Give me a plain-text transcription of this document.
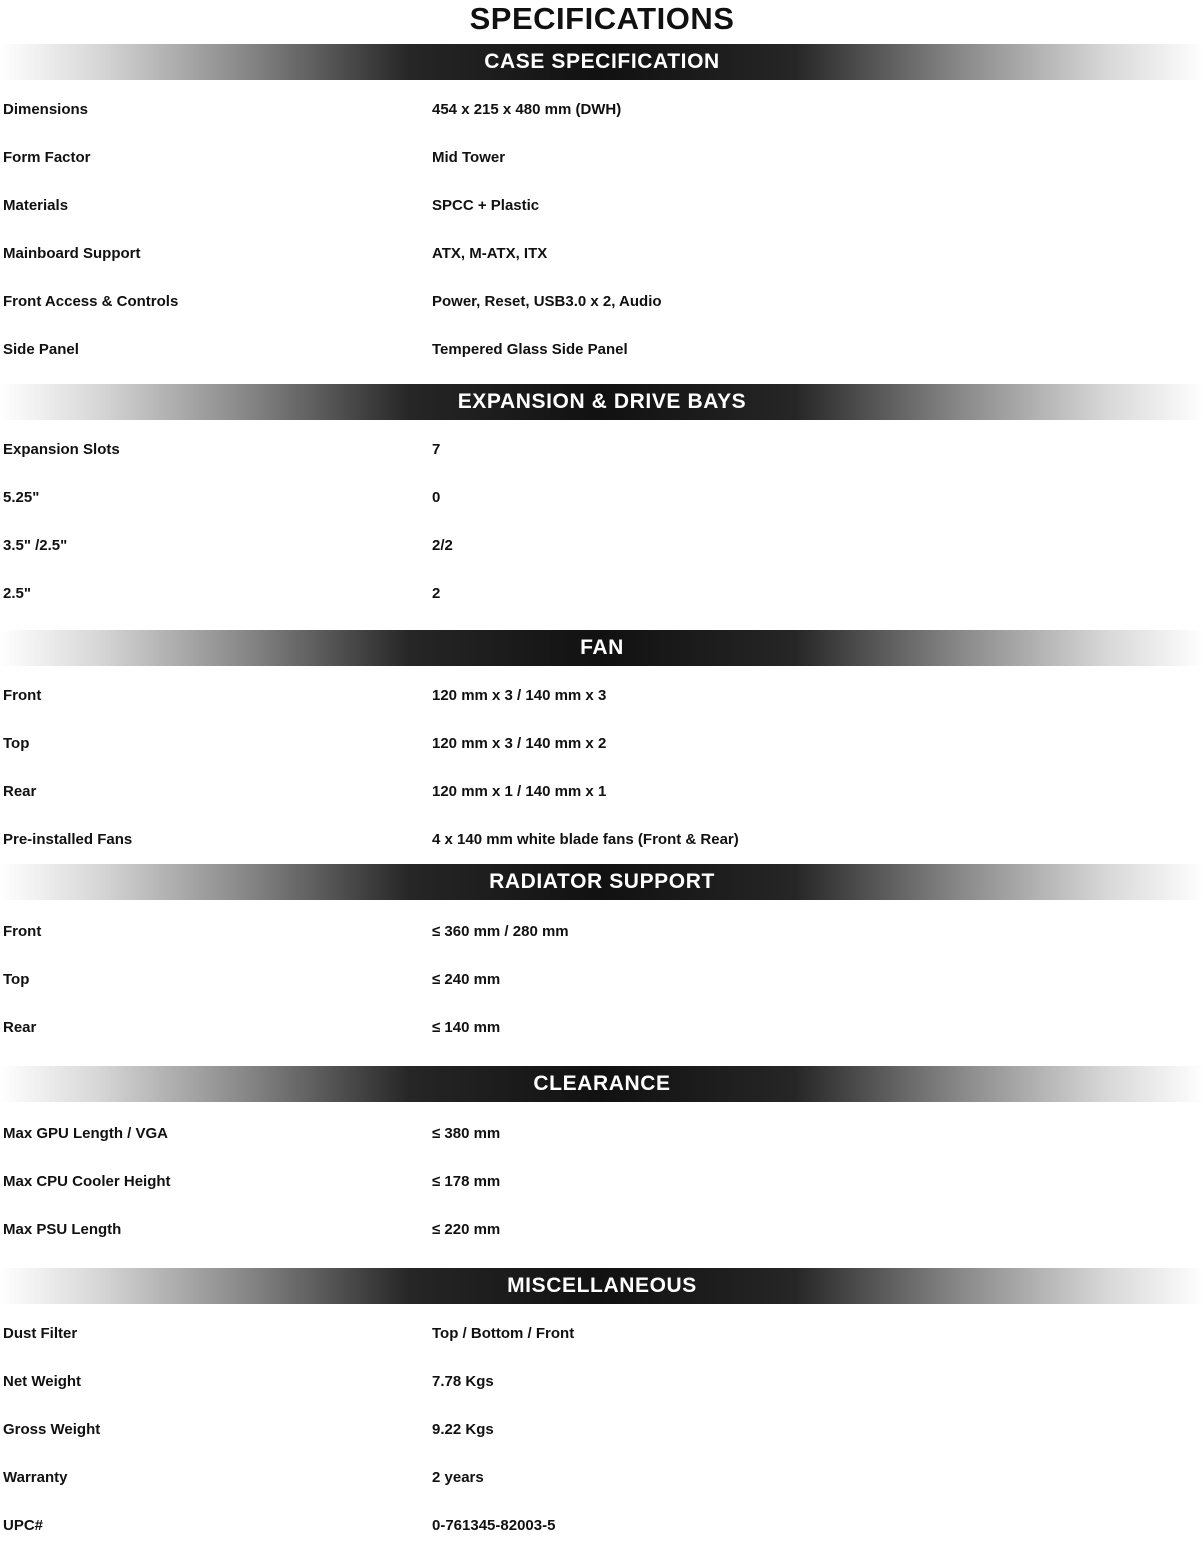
SPECIFICATIONS
CASE SPECIFICATION
Dimensions	454 x 215 x 480 mm (DWH)
Form Factor	Mid Tower
Materials	SPCC + Plastic
Mainboard Support	ATX, M-ATX, ITX
Front Access & Controls	Power, Reset, USB3.0 x 2, Audio
Side Panel	Tempered Glass Side Panel
EXPANSION & DRIVE BAYS
Expansion Slots	7
5.25"	0
3.5" /2.5"	2/2
2.5"	2
FAN
Front	120 mm x 3 / 140 mm x 3
Top	120 mm x 3 / 140 mm x 2
Rear	120 mm x 1 / 140 mm x 1
Pre-installed Fans	4 x 140 mm white blade fans (Front & Rear)
RADIATOR SUPPORT
Front	≤ 360 mm / 280 mm
Top	≤ 240 mm
Rear	≤ 140 mm
CLEARANCE
Max GPU Length / VGA	≤ 380 mm
Max CPU Cooler Height	≤ 178 mm
Max PSU Length	≤ 220 mm
MISCELLANEOUS
Dust Filter	Top / Bottom / Front
Net Weight	7.78 Kgs
Gross Weight	9.22 Kgs
Warranty	2 years
UPC#	0-761345-82003-5
